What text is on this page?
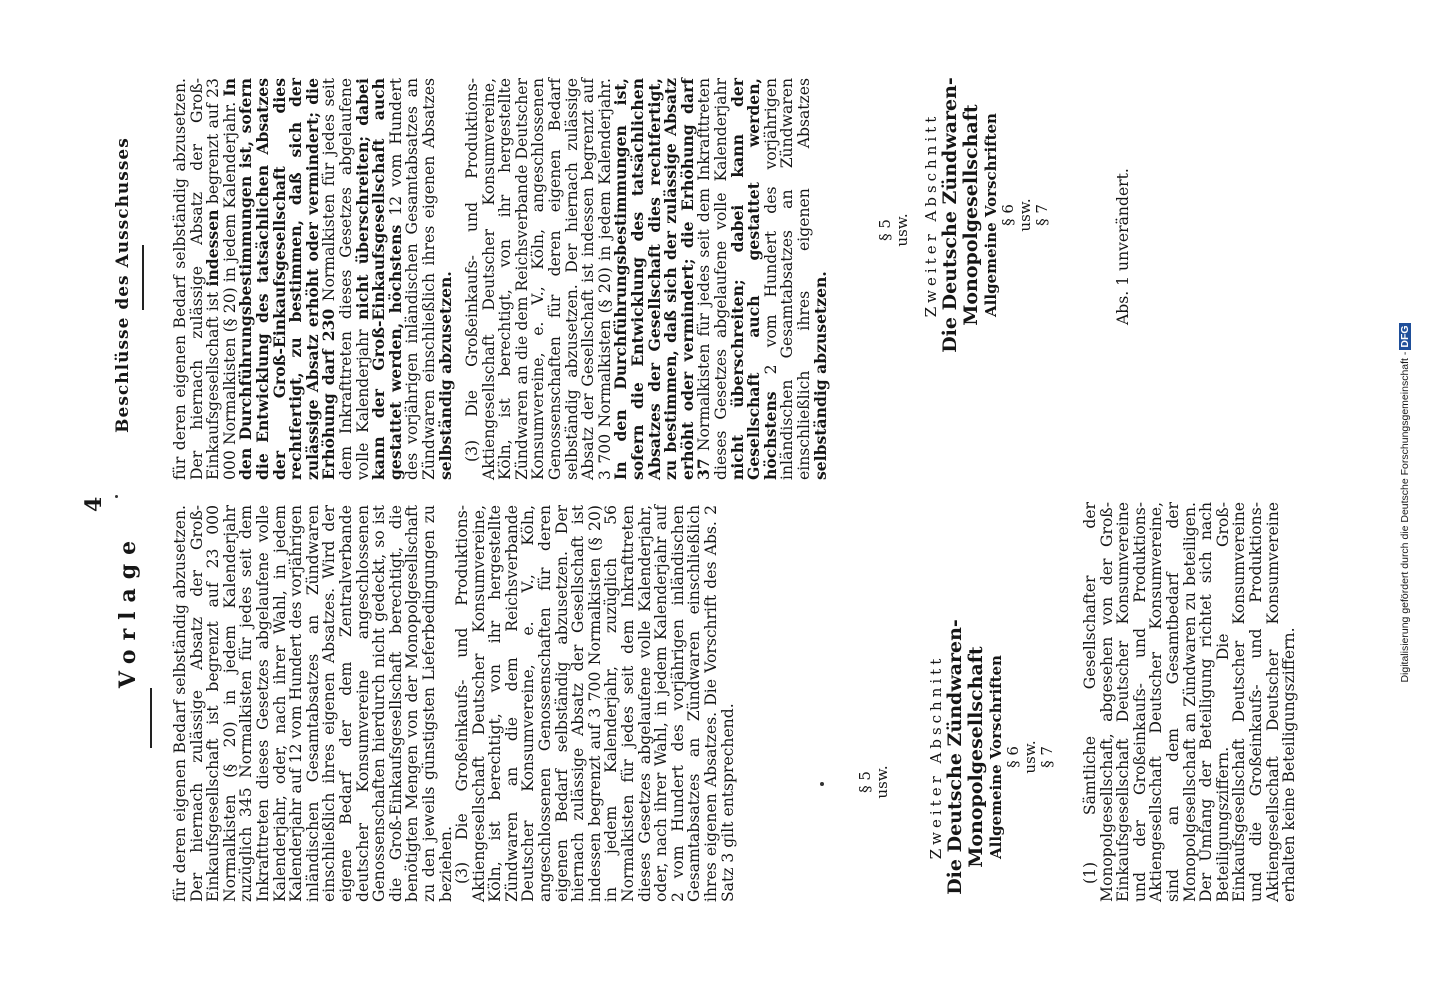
4
Vorlage für deren eigenen Bedarf selbständig abzusetzen. Der hiernach zulässige Absatz der Groß-Einkaufsgesellschaft ist begrenzt auf 23 000 Normalkisten (§ 20) in jedem Kalenderjahr zuzüglich 345 Normalkisten für jedes seit dem Inkrafttreten dieses Gesetzes abgelaufene volle Kalenderjahr, oder, nach ihrer Wahl, in jedem Kalenderjahr auf 12 vom Hundert des vorjährigen inländischen Gesamtabsatzes an Zündwaren einschließlich ihres eigenen Absatzes. Wird der eigene Bedarf der dem Zentralverbande deutscher Konsumvereine angeschlossenen Genossenschaften hierdurch nicht gedeckt, so ist die Groß-Einkaufsgesellschaft berechtigt, die benötigten Mengen von der Monopolgesellschaft zu den jeweils günstigsten Lieferbedingungen zu beziehen.

(3) Die Großeinkaufs- und Produktions-Aktiengesellschaft Deutscher Konsumvereine, Köln, ist berechtigt, von ihr hergestellte Zündwaren an die dem Reichsverbande Deutscher Konsumvereine, e. V., Köln, angeschlossenen Genossenschaften für deren eigenen Bedarf selbständig abzusetzen. Der hiernach zulässige Absatz der Gesellschaft ist indessen begrenzt auf 3 700 Normalkisten (§ 20) in jedem Kalenderjahr, zuzüglich 56 Normalkisten für jedes seit dem Inkrafttreten dieses Gesetzes abgelaufene volle Kalenderjahr, oder, nach ihrer Wahl, in jedem Kalenderjahr auf 2 vom Hundert des vorjährigen inländischen Gesamtabsatzes an Zündwaren einschließlich ihres eigenen Absatzes. Die Vorschrift des Abs. 2 Satz 3 gilt entsprechend.	§ 5 usw. Zweiter Abschnitt Die Deutsche Zündwaren-Monopolgesellschaft Allgemeine Vorschriften § 6 usw. § 7 (1) Sämtliche Gesellschafter der Monopolgesellschaft, abgesehen von der Groß-Einkaufsgesellschaft Deutscher Konsumvereine und der Großeinkaufs- und Produktions-Aktiengesellschaft Deutscher Konsumvereine, sind an dem Gesamtbedarf der Monopolgesellschaft an Zündwaren zu beteiligen. Der Umfang der Beteiligung richtet sich nach Beteiligungsziffern. Die Groß-Einkaufsgesellschaft Deutscher Konsumvereine und die Großeinkaufs- und Produktions-Aktiengesellschaft Deutscher Konsumvereine erhalten keine Beteiligungsziffern.

Beschlüsse des Ausschusses für deren eigenen Bedarf selbständig abzusetzen. Der hiernach zulässige Absatz der Groß-Einkaufsgesellschaft ist indessen begrenzt auf 23 000 Normalkisten (§ 20) in jedem Kalenderjahr. In den Durchführungsbestimmungen ist, sofern die Entwicklung des tatsächlichen Absatzes der Groß-Einkaufsgesellschaft dies rechtfertigt, zu bestimmen, daß sich der zulässige Absatz erhöht oder vermindert; die Erhöhung darf 230 Normalkisten für jedes seit dem Inkrafttreten dieses Gesetzes abgelaufene volle Kalenderjahr nicht überschreiten; dabei kann der Groß-Einkaufsgesellschaft auch gestattet werden, höchstens 12 vom Hundert des vorjährigen inländischen Gesamtabsatzes an Zündwaren einschließlich ihres eigenen Absatzes selbständig abzusetzen. (3) Die Großeinkaufs- und Produktions-Aktiengesellschaft Deutscher Konsumvereine, Köln, ist berechtigt, von ihr hergestellte Zündwaren an die dem Reichsverbande Deutscher Konsumvereine, e. V., Köln, angeschlossenen Genossenschaften für deren eigenen Bedarf selbständig abzusetzen. Der hiernach zulässige Absatz der Gesellschaft ist indessen begrenzt auf 3 700 Normalkisten (§ 20) in jedem Kalenderjahr. In den Durchführungsbestimmungen ist, sofern die Entwicklung des tatsächlichen Absatzes der Gesellschaft dies rechtfertigt, zu bestimmen, daß sich der zulässige Absatz erhöht oder vermindert; die Erhöhung darf 37 Normalkisten für jedes seit dem Inkrafttreten dieses Gesetzes abgelaufene volle Kalenderjahr nicht überschreiten; dabei kann der Gesellschaft auch gestattet werden, höchstens 2 vom Hundert des vorjährigen inländischen Gesamtabsatzes an Zündwaren einschließlich ihres eigenen Absatzes selbständig abzusetzen.

§ 5 usw. Zweiter Abschnitt Die Deutsche Zündwaren-Monopolgesellschaft Allgemeine Vorschriften § 6 usw. § 7	Abs. 1 unverändert.

Digitalisierung gefördert durch die Deutsche Forschungsgemeinschaft -DFG
